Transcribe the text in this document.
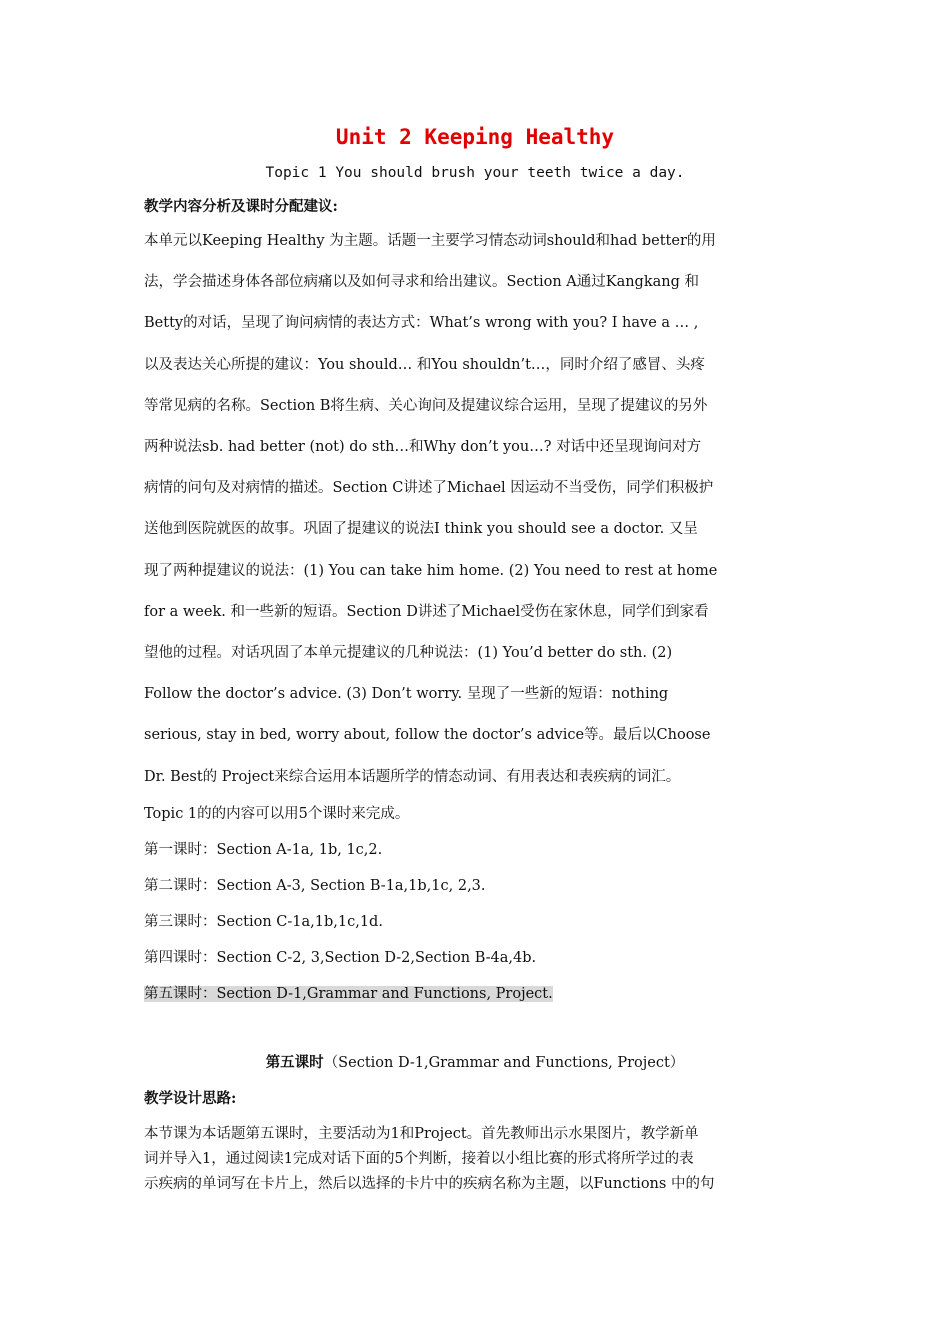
Unit 2 Keeping Healthy
Topic 1 You should brush your teeth twice a day.
教学内容分析及课时分配建议:
本单元以Keeping Healthy 为主题。话题一主要学习情态动词should和had better的用
法，学会描述身体各部位病痛以及如何寻求和给出建议。Section A通过Kangkang 和
Betty的对话，呈现了询问病情的表达方式：What’s wrong with you? I have a … ,
以及表达关心所提的建议：You should… 和You shouldn’t…，同时介绍了感冒、头疼
等常见病的名称。Section B将生病、关心询问及提建议综合运用，呈现了提建议的另外
两种说法sb. had better (not) do sth…和Why don’t you…? 对话中还呈现询问对方
病情的问句及对病情的描述。Section C讲述了Michael 因运动不当受伤，同学们积极护
送他到医院就医的故事。巩固了提建议的说法I think you should see a doctor. 又呈
现了两种提建议的说法：(1) You can take him home. (2) You need to rest at home
for a week. 和一些新的短语。Section D讲述了Michael受伤在家休息，同学们到家看
望他的过程。对话巩固了本单元提建议的几种说法：(1) You’d better do sth. (2)
Follow the doctor’s advice. (3) Don’t worry. 呈现了一些新的短语：nothing
serious, stay in bed, worry about, follow the doctor’s advice等。最后以Choose
Dr. Best的 Project来综合运用本话题所学的情态动词、有用表达和表疾病的词汇。
Topic 1的的内容可以用5个课时来完成。
第一课时：Section A-1a, 1b, 1c,2.
第二课时：Section A-3, Section B-1a,1b,1c, 2,3.
第三课时：Section C-1a,1b,1c,1d.
第四课时：Section C-2, 3,Section D-2,Section B-4a,4b.
第五课时：Section D-1,Grammar and Functions, Project.
第五课时（Section D-1,Grammar and Functions, Project）
教学设计思路:
本节课为本话题第五课时，主要活动为1和Project。首先教师出示水果图片，教学新单
词并导入1，通过阅读1完成对话下面的5个判断，接着以小组比赛的形式将所学过的表
示疾病的单词写在卡片上，然后以选择的卡片中的疾病名称为主题，以Functions 中的句
